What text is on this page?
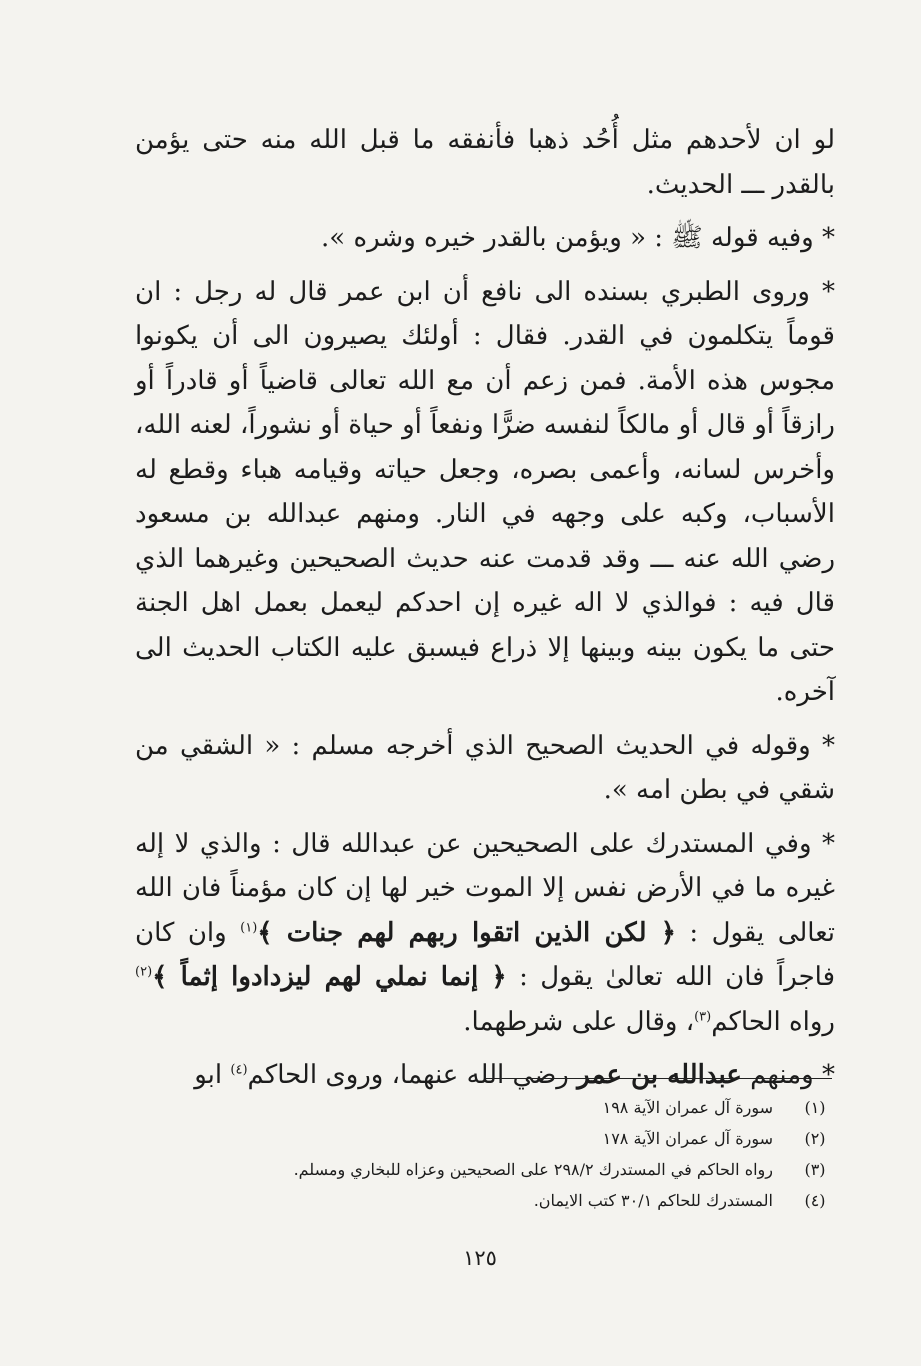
لو ان لأحدهم مثل أُحُد ذهبا فأنفقه ما قبل الله منه حتى يؤمن بالقدر ـــ الحديث.

* وفيه قوله ﷺ : « ويؤمن بالقدر خيره وشره ».

* وروى الطبري بسنده الى نافع أن ابن عمر قال له رجل : ان قوماً يتكلمون في القدر. فقال : أولئك يصيرون الى أن يكونوا مجوس هذه الأمة. فمن زعم أن مع الله تعالى قاضياً أو قادراً أو رازقاً أو قال أو مالكاً لنفسه ضرًّا ونفعاً أو حياة أو نشوراً، لعنه الله، وأخرس لسانه، وأعمى بصره، وجعل حياته وقيامه هباء وقطع له الأسباب، وكبه على وجهه في النار. ومنهم عبدالله بن مسعود رضي الله عنه ـــ وقد قدمت عنه حديث الصحيحين وغيرهما الذي قال فيه : فوالذي لا اله غيره إن احدكم ليعمل بعمل اهل الجنة حتى ما يكون بينه وبينها إلا ذراع فيسبق عليه الكتاب الحديث الى آخره.

* وقوله في الحديث الصحيح الذي أخرجه مسلم : « الشقي من شقي في بطن امه ».

* وفي المستدرك على الصحيحين عن عبدالله قال : والذي لا إله غيره ما في الأرض نفس إلا الموت خير لها إن كان مؤمناً فان الله تعالى يقول : ﴿ لكن الذين اتقوا ربهم لهم جنات ﴾$^{(١)}$ وان كان فاجراً فان الله تعالىٰ يقول : ﴿ إنما نملي لهم ليزدادوا إثماً ﴾$^{(٢)}$ رواه الحاكم$^{(٣)}$، وقال على شرطهما.

* ومنهم عبدالله بن عمر رضي الله عنهما، وروى الحاكم$^{(٤)}$ ابو

(١)
سورة آل عمران الآية ١٩٨
(٢)
سورة آل عمران الآية ١٧٨
(٣)
رواه الحاكم في المستدرك ٢٩٨/٢ على الصحيحين وعزاه للبخاري ومسلم.
(٤)
المستدرك للحاكم ٣٠/١ كتب الايمان.
١٢٥
